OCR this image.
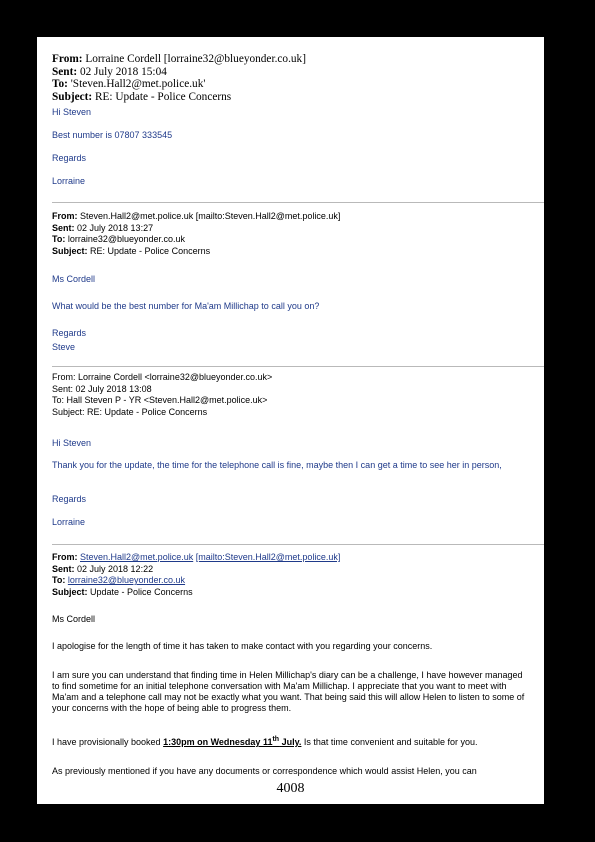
From: Lorraine Cordell [lorraine32@blueyonder.co.uk]
Sent: 02 July 2018 15:04
To: 'Steven.Hall2@met.police.uk'
Subject: RE: Update - Police Concerns
Hi Steven
Best number is 07807 333545
Regards
Lorraine
From: Steven.Hall2@met.police.uk [mailto:Steven.Hall2@met.police.uk]
Sent: 02 July 2018 13:27
To: lorraine32@blueyonder.co.uk
Subject: RE: Update - Police Concerns
Ms Cordell
What would be the best number for Ma'am Millichap to call you on?
Regards
Steve
From: Lorraine Cordell <lorraine32@blueyonder.co.uk>
Sent: 02 July 2018 13:08
To: Hall Steven P - YR <Steven.Hall2@met.police.uk>
Subject: RE: Update - Police Concerns
Hi Steven
Thank you for the update, the time for the telephone call is fine, maybe then I can get a time to see her in person,
Regards
Lorraine
From: Steven.Hall2@met.police.uk [mailto:Steven.Hall2@met.police.uk]
Sent: 02 July 2018 12:22
To: lorraine32@blueyonder.co.uk
Subject: Update - Police Concerns
Ms Cordell
I apologise for the length of time it has taken to make contact with you regarding your concerns.
I am sure you can understand that finding time in Helen Millichap's diary can be a challenge, I have however managed to find sometime for an initial telephone conversation with Ma'am Millichap. I appreciate that you want to meet with Ma'am and a telephone call may not be exactly what you want. That being said this will allow Helen to listen to some of your concerns with the hope of being able to progress them.
I have provisionally booked 1:30pm on Wednesday 11th July. Is that time convenient and suitable for you.
As previously mentioned if you have any documents or correspondence which would assist Helen, you can
4008
